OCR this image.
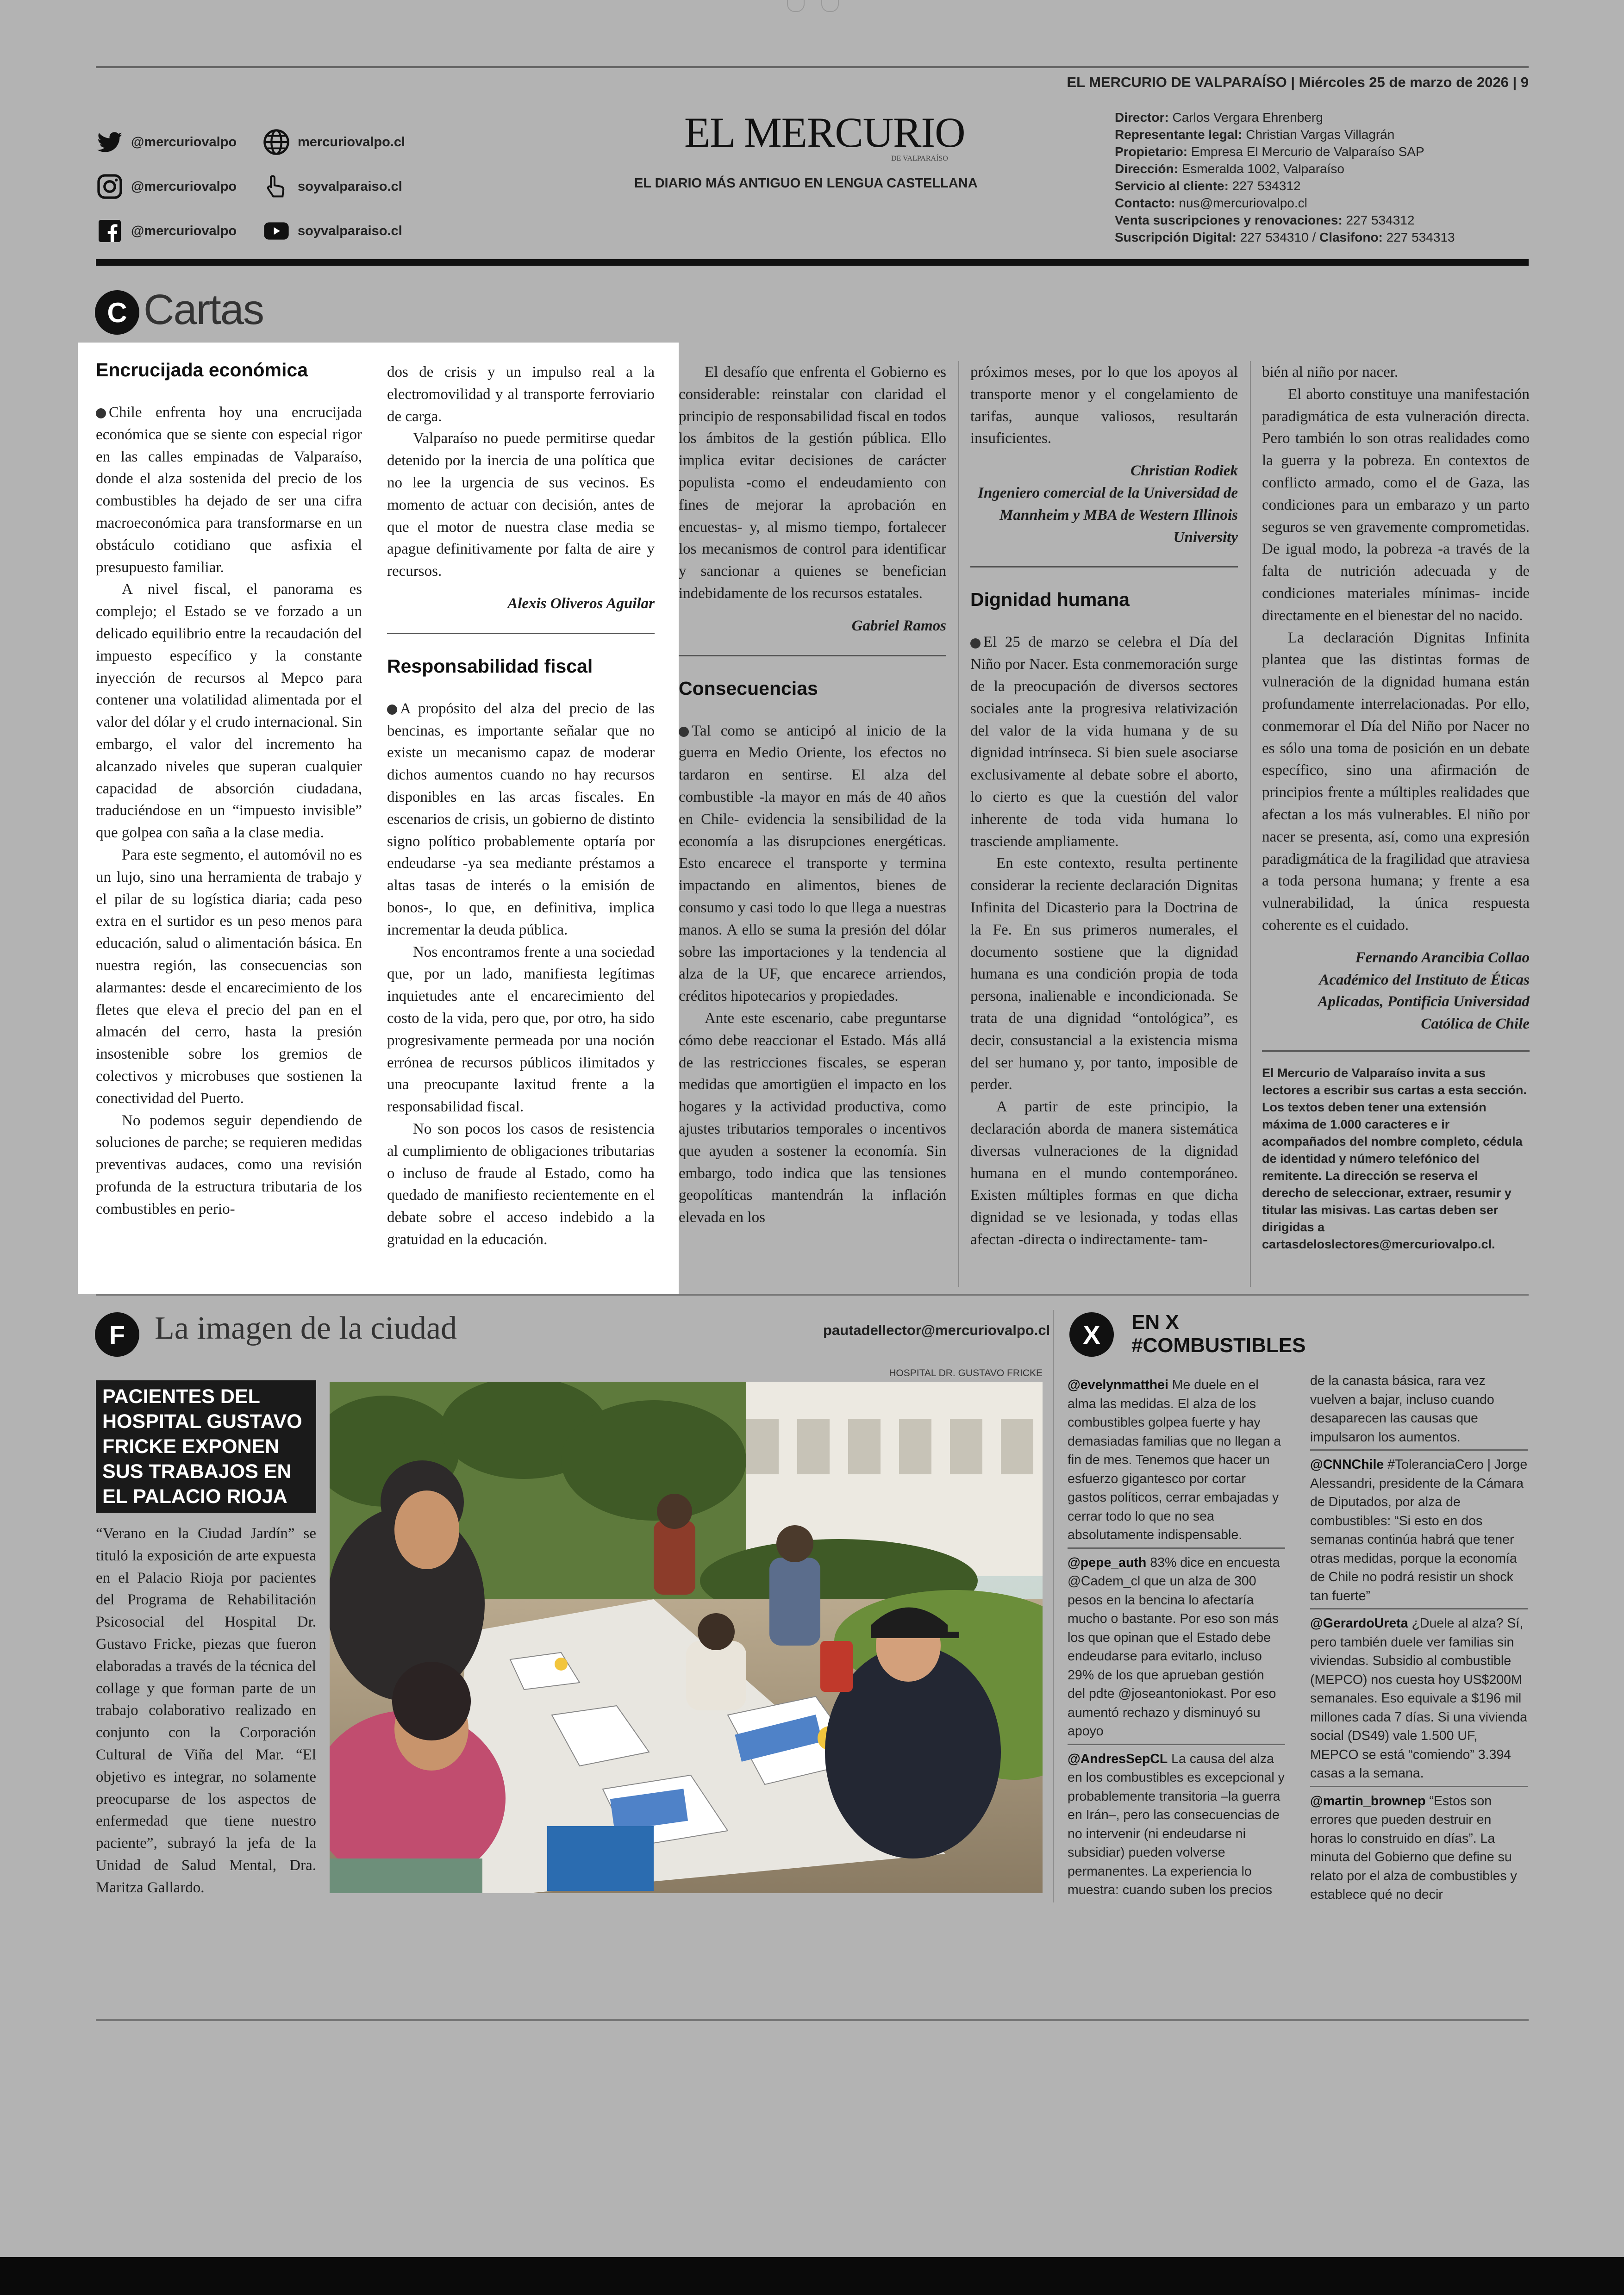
EL MERCURIO DE VALPARAÍSO | Miércoles 25 de marzo de 2026 | 9
@mercuriovalpo	mercuriovalpo.cl
@mercuriovalpo	soyvalparaiso.cl
@mercuriovalpo	soyvalparaiso.cl
EL MERCURIO
DE VALPARAÍSO
EL DIARIO MÁS ANTIGUO EN LENGUA CASTELLANA
Director: Carlos Vergara Ehrenberg
Representante legal: Christian Vargas Villagrán
Propietario: Empresa El Mercurio de Valparaíso SAP
Dirección: Esmeralda 1002, Valparaíso
Servicio al cliente: 227 534312
Contacto: nus@mercuriovalpo.cl
Venta suscripciones y renovaciones: 227 534312
Suscripción Digital: 227 534310 / Clasifono: 227 534313
C Cartas
Encrucijada económica

Chile enfrenta hoy una encrucijada económica que se siente con especial rigor en las calles empinadas de Valparaíso, donde el alza sostenida del precio de los combustibles ha dejado de ser una cifra macroeconómica para transformarse en un obstáculo cotidiano que asfixia el presupuesto familiar.

A nivel fiscal, el panorama es complejo; el Estado se ve forzado a un delicado equilibrio entre la recaudación del impuesto específico y la constante inyección de recursos al Mepco para contener una volatilidad alimentada por el valor del dólar y el crudo internacional. Sin embargo, el valor del incremento ha alcanzado niveles que superan cualquier capacidad de absorción ciudadana, traduciéndose en un “impuesto invisible” que golpea con saña a la clase media.

Para este segmento, el automóvil no es un lujo, sino una herramienta de trabajo y el pilar de su logística diaria; cada peso extra en el surtidor es un peso menos para educación, salud o alimentación básica. En nuestra región, las consecuencias son alarmantes: desde el encarecimiento de los fletes que eleva el precio del pan en el almacén del cerro, hasta la presión insostenible sobre los gremios de colectivos y microbuses que sostienen la conectividad del Puerto.

No podemos seguir dependiendo de soluciones de parche; se requieren medidas preventivas audaces, como una revisión profunda de la estructura tributaria de los combustibles en perio-

dos de crisis y un impulso real a la electromovilidad y al transporte ferroviario de carga.

Valparaíso no puede permitirse quedar detenido por la inercia de una política que no lee la urgencia de sus vecinos. Es momento de actuar con decisión, antes de que el motor de nuestra clase media se apague definitivamente por falta de aire y recursos.

Alexis Oliveros Aguilar

Responsabilidad fiscal

A propósito del alza del precio de las bencinas, es importante señalar que no existe un mecanismo capaz de moderar dichos aumentos cuando no hay recursos disponibles en las arcas fiscales. En escenarios de crisis, un gobierno de distinto signo político probablemente optaría por endeudarse -ya sea mediante préstamos a altas tasas de interés o la emisión de bonos-, lo que, en definitiva, implica incrementar la deuda pública.

Nos encontramos frente a una sociedad que, por un lado, manifiesta legítimas inquietudes ante el encarecimiento del costo de la vida, pero que, por otro, ha sido progresivamente permeada por una noción errónea de recursos públicos ilimitados y una preocupante laxitud frente a la responsabilidad fiscal.

No son pocos los casos de resistencia al cumplimiento de obligaciones tributarias o incluso de fraude al Estado, como ha quedado de manifiesto recientemente en el debate sobre el acceso indebido a la gratuidad en la educación.

El desafío que enfrenta el Gobierno es considerable: reinstalar con claridad el principio de responsabilidad fiscal en todos los ámbitos de la gestión pública. Ello implica evitar decisiones de carácter populista -como el endeudamiento con fines de mejorar la aprobación en encuestas- y, al mismo tiempo, fortalecer los mecanismos de control para identificar y sancionar a quienes se benefician indebidamente de los recursos estatales.

Gabriel Ramos

Consecuencias

Tal como se anticipó al inicio de la guerra en Medio Oriente, los efectos no tardaron en sentirse. El alza del combustible -la mayor en más de 40 años en Chile- evidencia la sensibilidad de la economía a las disrupciones energéticas. Esto encarece el transporte y termina impactando en alimentos, bienes de consumo y casi todo lo que llega a nuestras manos. A ello se suma la presión del dólar sobre las importaciones y la tendencia al alza de la UF, que encarece arriendos, créditos hipotecarios y propiedades.

Ante este escenario, cabe preguntarse cómo debe reaccionar el Estado. Más allá de las restricciones fiscales, se esperan medidas que amortigüen el impacto en los hogares y la actividad productiva, como ajustes tributarios temporales o incentivos que ayuden a sostener la economía. Sin embargo, todo indica que las tensiones geopolíticas mantendrán la inflación elevada en los

próximos meses, por lo que los apoyos al transporte menor y el congelamiento de tarifas, aunque valiosos, resultarán insuficientes.

Christian Rodiek
Ingeniero comercial de la Universidad de Mannheim y MBA de Western Illinois University

Dignidad humana

El 25 de marzo se celebra el Día del Niño por Nacer. Esta conmemoración surge de la preocupación de diversos sectores sociales ante la progresiva relativización del valor de la vida humana y de su dignidad intrínseca. Si bien suele asociarse exclusivamente al debate sobre el aborto, lo cierto es que la cuestión del valor inherente de toda vida humana lo trasciende ampliamente.

En este contexto, resulta pertinente considerar la reciente declaración Dignitas Infinita del Dicasterio para la Doctrina de la Fe. En sus primeros numerales, el documento sostiene que la dignidad humana es una condición propia de toda persona, inalienable e incondicionada. Se trata de una dignidad “ontológica”, es decir, consustancial a la existencia misma del ser humano y, por tanto, imposible de perder.

A partir de este principio, la declaración aborda de manera sistemática diversas vulneraciones de la dignidad humana en el mundo contemporáneo. Existen múltiples formas en que dicha dignidad se ve lesionada, y todas ellas afectan -directa o indirectamente- tam-

bién al niño por nacer.

El aborto constituye una manifestación paradigmática de esta vulneración directa. Pero también lo son otras realidades como la guerra y la pobreza. En contextos de conflicto armado, como el de Gaza, las condiciones para un embarazo y un parto seguros se ven gravemente comprometidas. De igual modo, la pobreza -a través de la falta de nutrición adecuada y de condiciones materiales mínimas- incide directamente en el bienestar del no nacido.

La declaración Dignitas Infinita plantea que las distintas formas de vulneración de la dignidad humana están profundamente interrelacionadas. Por ello, conmemorar el Día del Niño por Nacer no es sólo una toma de posición en un debate específico, sino una afirmación de principios frente a múltiples realidades que afectan a los más vulnerables. El niño por nacer se presenta, así, como una expresión paradigmática de la fragilidad que atraviesa a toda persona humana; y frente a esa vulnerabilidad, la única respuesta coherente es el cuidado.

Fernando Arancibia Collao
Académico del Instituto de Éticas Aplicadas, Pontificia Universidad Católica de Chile

El Mercurio de Valparaíso invita a sus lectores a escribir sus cartas a esta sección. Los textos deben tener una extensión máxima de 1.000 caracteres e ir acompañados del nombre completo, cédula de identidad y número telefónico del remitente. La dirección se reserva el derecho de seleccionar, extraer, resumir y titular las misivas. Las cartas deben ser dirigidas a cartasdeloslectores@mercuriovalpo.cl.
F La imagen de la ciudad	pautadellector@mercuriovalpo.cl
PACIENTES DEL HOSPITAL GUSTAVO FRICKE EXPONEN SUS TRABAJOS EN EL PALACIO RIOJA
“Verano en la Ciudad Jardín” se tituló la exposición de arte expuesta en el Palacio Rioja por pacientes del Programa de Rehabilitación Psicosocial del Hospital Dr. Gustavo Fricke, piezas que fueron elaboradas a través de la técnica del collage y que forman parte de un trabajo colaborativo realizado en conjunto con la Corporación Cultural de Viña del Mar. “El objetivo es integrar, no solamente preocuparse de los aspectos de enfermedad que tiene nuestro paciente”, subrayó la jefa de la Unidad de Salud Mental, Dra. Maritza Gallardo.
HOSPITAL DR. GUSTAVO FRICKE
X	EN X
#COMBUSTIBLES

@evelynmatthei Me duele en el alma las medidas. El alza de los combustibles golpea fuerte y hay demasiadas familias que no llegan a fin de mes. Tenemos que hacer un esfuerzo gigantesco por cortar gastos políticos, cerrar embajadas y cerrar todo lo que no sea absolutamente indispensable.

@pepe_auth 83% dice en encuesta @Cadem_cl que un alza de 300 pesos en la bencina lo afectaría mucho o bastante. Por eso son más los que opinan que el Estado debe endeudarse para evitarlo, incluso 29% de los que aprueban gestión del pdte @joseantoniokast. Por eso aumentó rechazo y disminuyó su apoyo

@AndresSepCL La causa del alza en los combustibles es excepcional y probablemente transitoria –la guerra en Irán–, pero las consecuencias de no intervenir (ni endeudarse ni subsidiar) pueden volverse permanentes. La experiencia lo muestra: cuando suben los precios

de la canasta básica, rara vez vuelven a bajar, incluso cuando desaparecen las causas que impulsaron los aumentos.

@CNNChile #ToleranciaCero | Jorge Alessandri, presidente de la Cámara de Diputados, por alza de combustibles: “Si esto en dos semanas continúa habrá que tener otras medidas, porque la economía de Chile no podrá resistir un shock tan fuerte”

@GerardoUreta ¿Duele al alza? Sí, pero también duele ver familias sin viviendas. Subsidio al combustible (MEPCO) nos cuesta hoy US$200M semanales. Eso equivale a $196 mil millones cada 7 días. Si una vivienda social (DS49) vale 1.500 UF, MEPCO se está “comiendo” 3.394 casas a la semana.

@martin_brownep “Estos son errores que pueden destruir en horas lo construido en días”. La minuta del Gobierno que define su relato por el alza de combustibles y establece qué no decir
